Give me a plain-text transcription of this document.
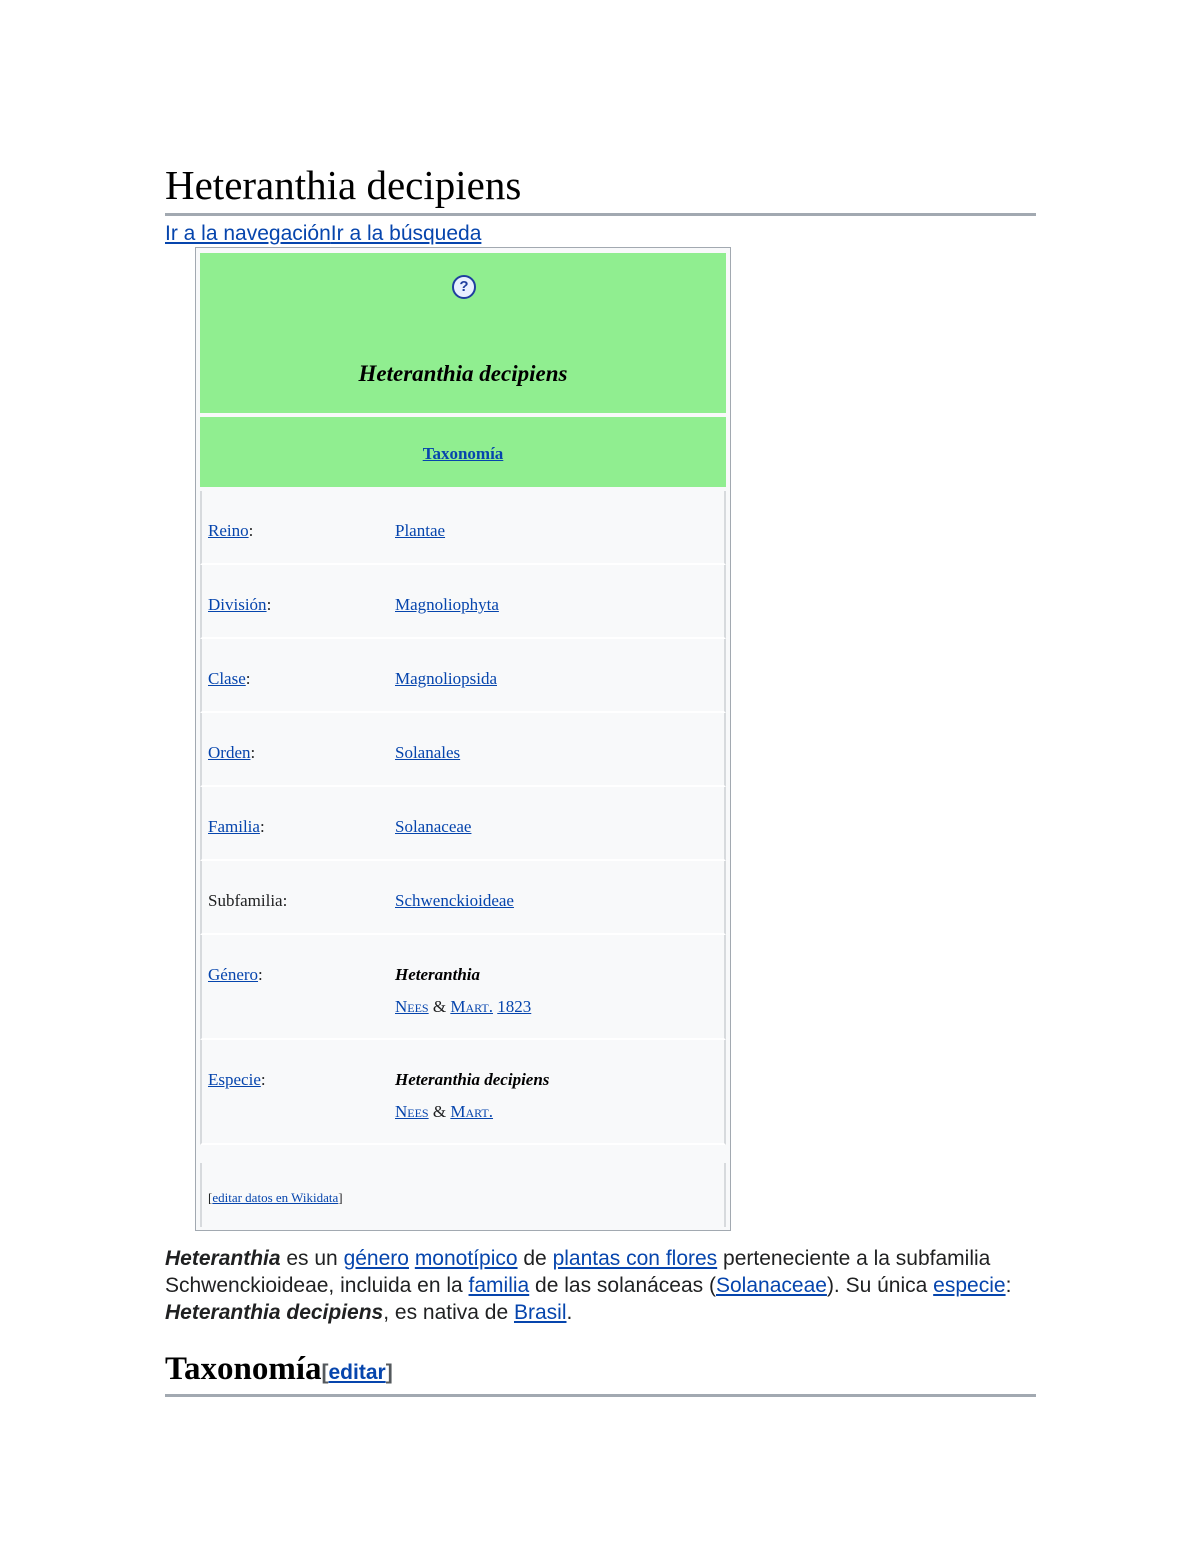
Heteranthia decipiens
Ir a la navegaciónIr a la búsqueda
?
Heteranthia decipiens
Taxonomía
Reino:	Plantae
División:	Magnoliophyta
Clase:	Magnoliopsida
Orden:	Solanales
Familia:	Solanaceae
Subfamilia:	Schwenckioideae
Género:	Heteranthia
Nees & Mart. 1823
Especie:	Heteranthia decipiens
Nees & Mart.
[editar datos en Wikidata]

Heteranthia es un género monotípico de plantas con flores perteneciente a la subfamilia Schwenckioideae, incluida en la familia de las solanáceas (Solanaceae). Su única especie: Heteranthia decipiens, es nativa de Brasil.

Taxonomía[editar]
